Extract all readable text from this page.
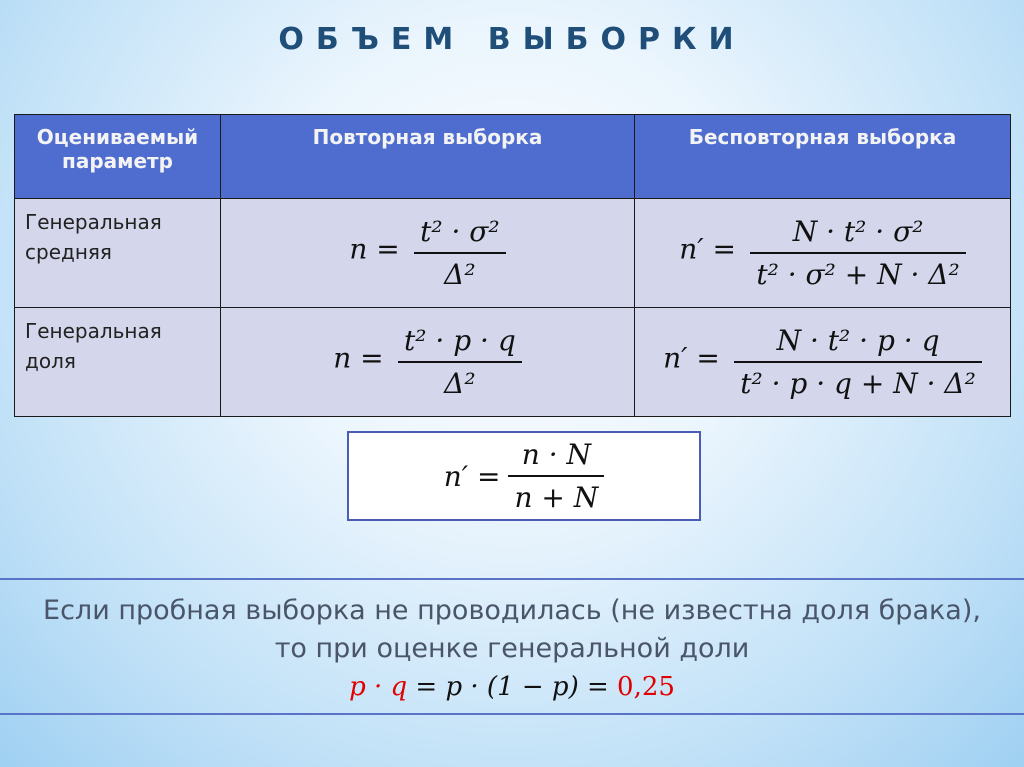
ОБЪЕМ ВЫБОРКИ
Оцениваемый параметр	Повторная выборка	Бесповторная выборка
Генеральная средняя	$n = \frac{\text{t² · σ²}}{\text{Δ²}}$	$n' = \frac{\text{N · t² · σ²}}{\text{t² · σ² + N · Δ²}}$

Генеральная доля	$n = \frac{\text{t² · p · q}}{\text{Δ²}}$	$n' = \frac{\text{N · t² · p · q}}{\text{t² · p · q + N · Δ²}}$
$n' = \frac{n \cdot N}{n + N}$
Если пробная выборка не проводилась (не известна доля брака),
то при оценке генеральной доли
p · q = p · (1 − p) = 0,25
